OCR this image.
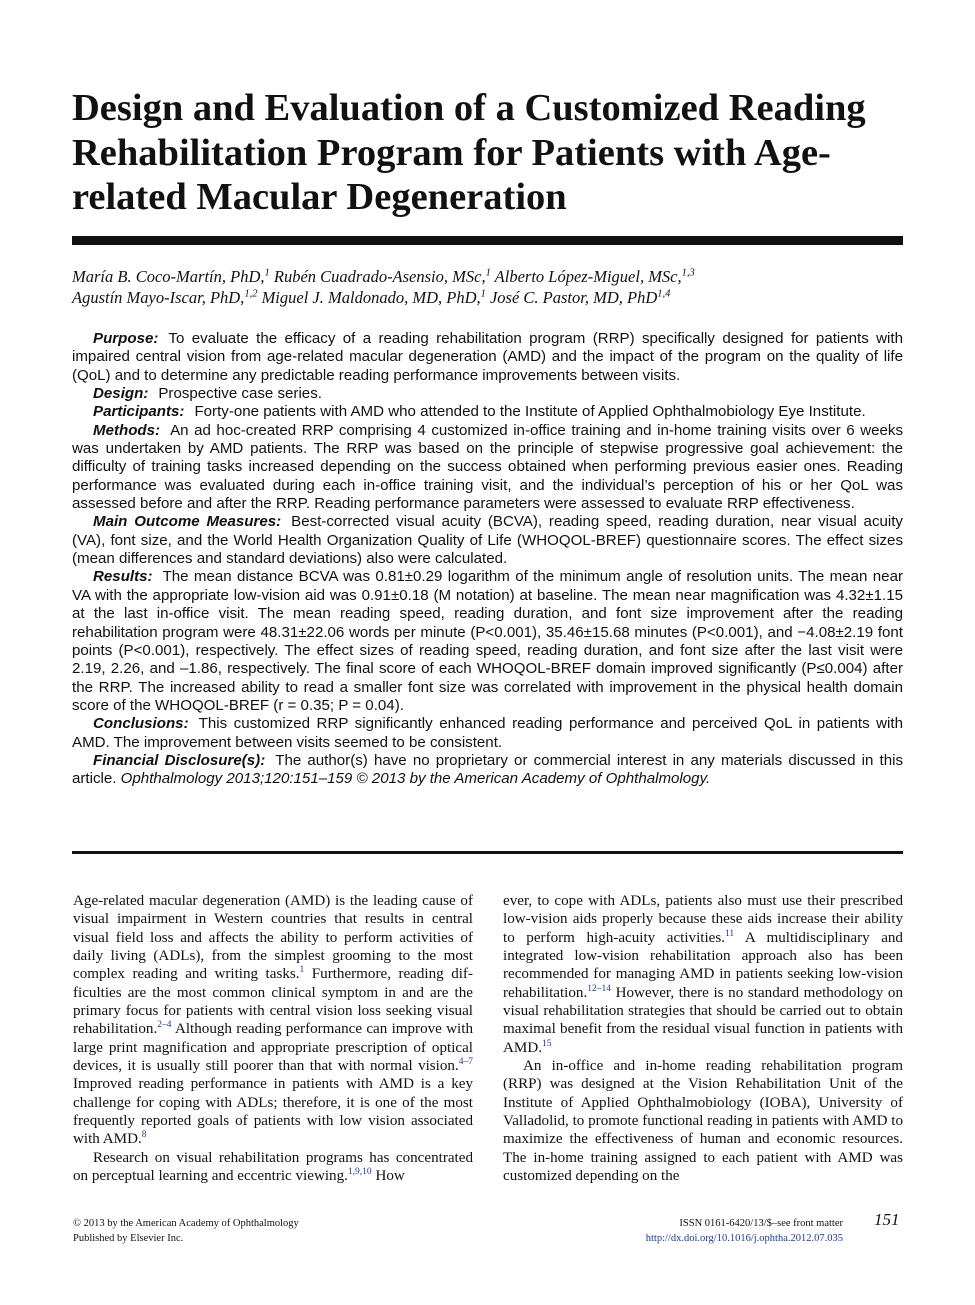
Design and Evaluation of a Customized Reading Rehabilitation Program for Patients with Age-related Macular Degeneration
María B. Coco-Martín, PhD,$^1$ Rubén Cuadrado-Asensio, MSc,$^1$ Alberto López-Miguel, MSc,$^{1,3}$
Agustín Mayo-Iscar, PhD,$^{1,2}$ Miguel J. Maldonado, MD, PhD,$^1$ José C. Pastor, MD, PhD$^{1,4}$

Purpose: To evaluate the efficacy of a reading rehabilitation program (RRP) specifically designed for patients with impaired central vision from age-related macular degeneration (AMD) and the impact of the program on the quality of life (QoL) and to determine any predictable reading performance improvements between visits.

Design: Prospective case series.

Participants: Forty-one patients with AMD who attended to the Institute of Applied Ophthalmobiology Eye Institute.

Methods: An ad hoc-created RRP comprising 4 customized in-office training and in-home training visits over 6 weeks was undertaken by AMD patients. The RRP was based on the principle of stepwise progressive goal achievement: the difficulty of training tasks increased depending on the success obtained when performing previous easier ones. Reading performance was evaluated during each in-office training visit, and the individual’s perception of his or her QoL was assessed before and after the RRP. Reading performance parameters were assessed to evaluate RRP effectiveness.

Main Outcome Measures: Best-corrected visual acuity (BCVA), reading speed, reading duration, near visual acuity (VA), font size, and the World Health Organization Quality of Life (WHOQOL-BREF) questionnaire scores. The effect sizes (mean differences and standard deviations) also were calculated.

Results: The mean distance BCVA was 0.81±0.29 logarithm of the minimum angle of resolution units. The mean near VA with the appropriate low-vision aid was 0.91±0.18 (M notation) at baseline. The mean near magnification was 4.32±1.15 at the last in-office visit. The mean reading speed, reading duration, and font size improvement after the reading rehabilitation program were 48.31±22.06 words per minute (P<0.001), 35.46±15.68 minutes (P<0.001), and −4.08±2.19 font points (P<0.001), respectively. The effect sizes of reading speed, reading duration, and font size after the last visit were 2.19, 2.26, and –1.86, respectively. The final score of each WHOQOL-BREF domain improved significantly (P≤0.004) after the RRP. The increased ability to read a smaller font size was correlated with improvement in the physical health domain score of the WHOQOL-BREF (r = 0.35; P = 0.04).

Conclusions: This customized RRP significantly enhanced reading performance and perceived QoL in patients with AMD. The improvement between visits seemed to be consistent.

Financial Disclosure(s): The author(s) have no proprietary or commercial interest in any materials discussed in this article. Ophthalmology 2013;120:151–159 © 2013 by the American Academy of Ophthalmology.

Age-related macular degeneration (AMD) is the leading cause of visual impairment in Western countries that results in central visual field loss and affects the ability to perform activities of daily living (ADLs), from the simplest grooming to the most complex reading and writing tasks.$^1$ Furthermore, reading difficulties are the most common clinical symptom in and are the primary focus for patients with central vision loss seeking visual rehabilitation.$^{2-4}$ Although reading performance can improve with large print magnification and appropriate prescription of optical devices, it is usually still poorer than that with normal vision.$^{4-7}$ Improved reading performance in patients with AMD is a key challenge for coping with ADLs; therefore, it is one of the most frequently reported goals of patients with low vision associated with AMD.$^8$

Research on visual rehabilitation programs has concentrated on perceptual learning and eccentric viewing.$^{1,9,10}$ How

ever, to cope with ADLs, patients also must use their prescribed low-vision aids properly because these aids increase their ability to perform high-acuity activities.$^{11}$ A multidisciplinary and integrated low-vision rehabilitation approach also has been recommended for managing AMD in patients seeking low-vision rehabilitation.$^{12-14}$ However, there is no standard methodology on visual rehabilitation strategies that should be carried out to obtain maximal benefit from the residual visual function in patients with AMD.$^{15}$

An in-office and in-home reading rehabilitation program (RRP) was designed at the Vision Rehabilitation Unit of the Institute of Applied Ophthalmobiology (IOBA), University of Valladolid, to promote functional reading in patients with AMD to maximize the effectiveness of human and economic resources. The in-home training assigned to each patient with AMD was customized depending on the

© 2013 by the American Academy of Ophthalmology
Published by Elsevier Inc.
ISSN 0161-6420/13/$–see front matter
http://dx.doi.org/10.1016/j.ophtha.2012.07.035
151
